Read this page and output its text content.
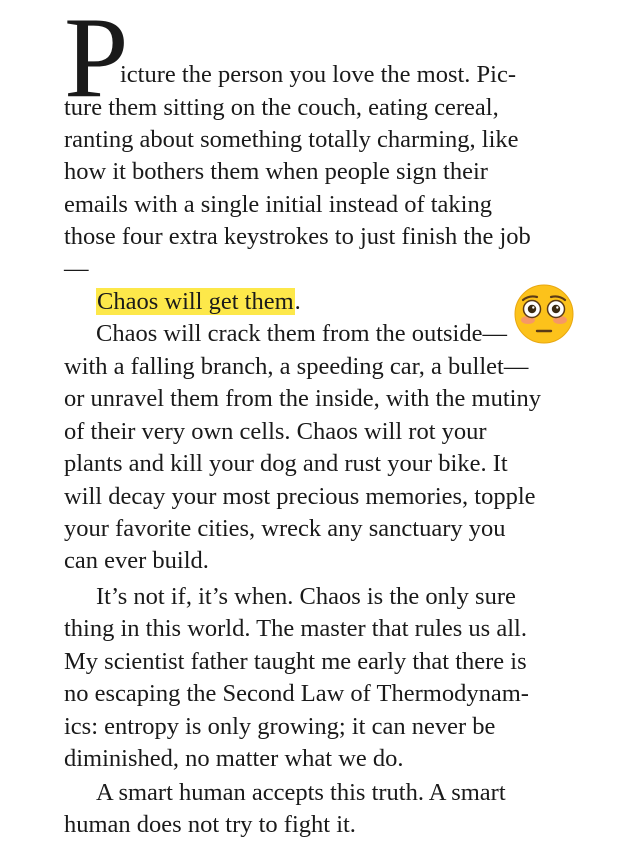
P
icture the person you love the most. Pic-
ture them sitting on the couch, eating cereal,
ranting about something totally charming, like
how it bothers them when people sign their
emails with a single initial instead of taking
those four extra keystrokes to just finish the job
—
Chaos will get them.
Chaos will crack them from the outside—
with a falling branch, a speeding car, a bullet—
or unravel them from the inside, with the mutiny
of their very own cells. Chaos will rot your
plants and kill your dog and rust your bike. It
will decay your most precious memories, topple
your favorite cities, wreck any sanctuary you
can ever build.
It’s not if, it’s when. Chaos is the only sure
thing in this world. The master that rules us all.
My scientist father taught me early that there is
no escaping the Second Law of Thermodynam-
ics: entropy is only growing; it can never be
diminished, no matter what we do.
A smart human accepts this truth. A smart
human does not try to fight it.
